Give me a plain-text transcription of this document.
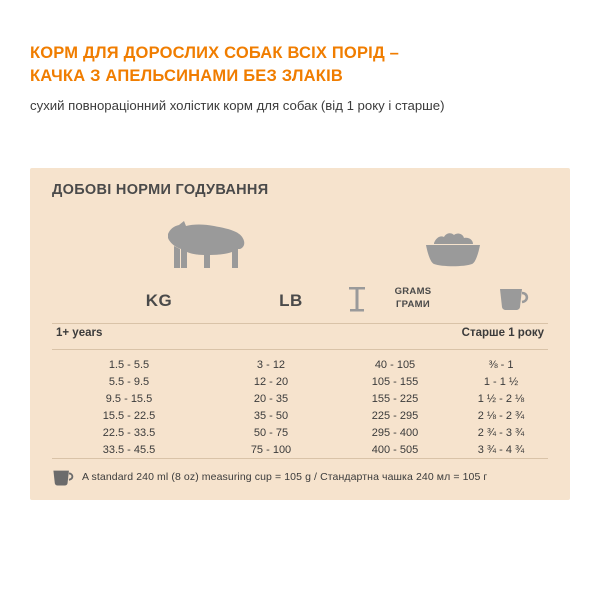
КОРМ ДЛЯ ДОРОСЛИХ СОБАК ВСІХ ПОРІД –
КАЧКА З АПЕЛЬСИНАМИ БЕЗ ЗЛАКІВ

сухий повнораціонний холістик корм для собак (від 1 року і старше)

ДОБОВІ НОРМИ ГОДУВАННЯ
KG	LB	GRAMS
ГРАМИ
1+ years	Старше 1 року
1.5 - 5.5	3 - 12	40 - 105	⅜ - 1
5.5 - 9.5	12 - 20	105 - 155	1 - 1 ½
9.5 - 15.5	20 - 35	155 - 225	1 ½ - 2 ⅛
15.5 - 22.5	35 - 50	225 - 295	2 ⅛ - 2 ¾
22.5 - 33.5	50 - 75	295 - 400	2 ¾ - 3 ¾
33.5 - 45.5	75 - 100	400 - 505	3 ¾ - 4 ¾
A standard 240 ml (8 oz) measuring cup = 105 g / Стандартна чашка 240 мл = 105 г
